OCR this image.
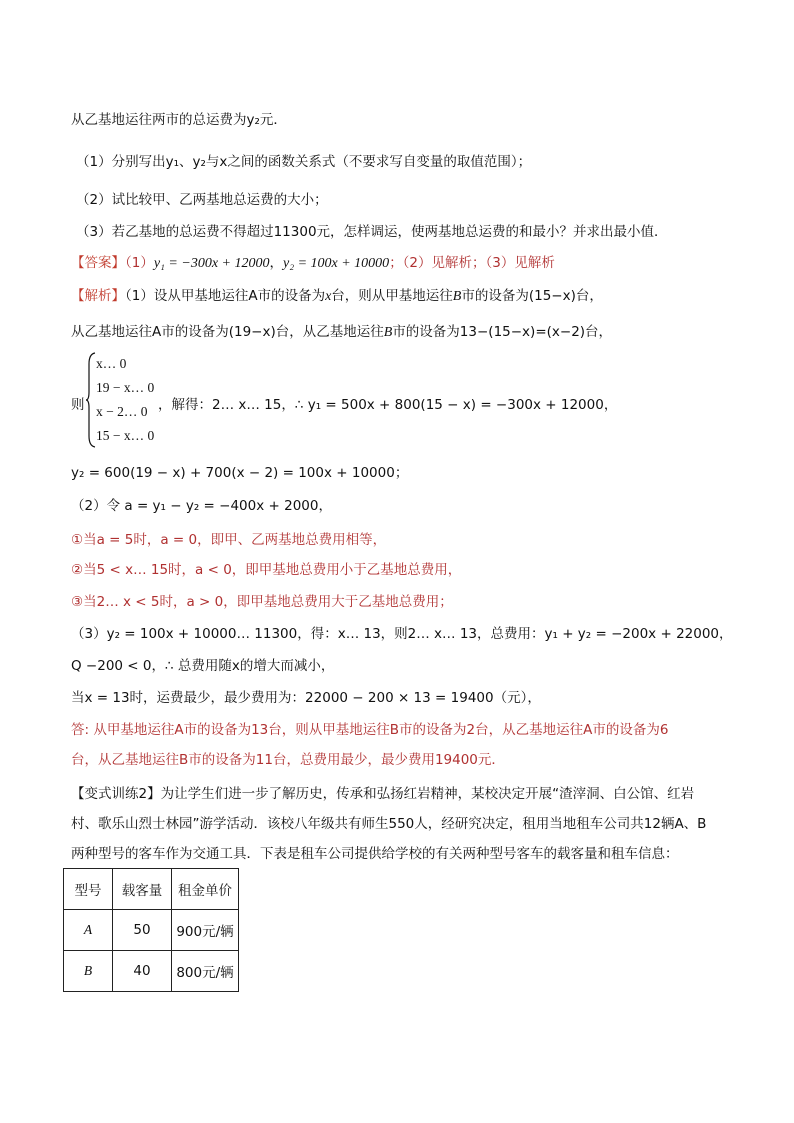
从乙基地运往两市的总运费为y₂元．
（1）分别写出y₁、y₂与x之间的函数关系式（不要求写自变量的取值范围）；
（2）试比较甲、乙两基地总运费的大小；
（3）若乙基地的总运费不得超过11300元，怎样调运，使两基地总运费的和最小？并求出最小值．
【答案】（1）y₁ = −300x + 12000，y₂ = 100x + 10000；（2）见解析；（3）见解析
【解析】（1）设从甲基地运往A市的设备为x台，则从甲基地运往B市的设备为(15−x)台，
从乙基地运往A市的设备为(19−x)台，从乙基地运往B市的设备为13−(15−x)=(x−2)台，
则
x… 0
19 − x… 0
x − 2… 0
15 − x… 0
，解得：2… x… 15，∴ y₁ = 500x + 800(15 − x) = −300x + 12000，
y₂ = 600(19 − x) + 700(x − 2) = 100x + 10000；
（2）令 a = y₁ − y₂ = −400x + 2000，
①当a = 5时，a = 0，即甲、乙两基地总费用相等，
②当5 < x… 15时，a < 0，即甲基地总费用小于乙基地总费用，
③当2… x < 5时，a > 0，即甲基地总费用大于乙基地总费用；
（3）y₂ = 100x + 10000… 11300，得：x… 13，则2… x… 13，总费用：y₁ + y₂ = −200x + 22000，
Q −200 < 0，∴ 总费用随x的增大而减小，
当x = 13时，运费最少，最少费用为：22000 − 200 × 13 = 19400（元），
答: 从甲基地运往A市的设备为13台，则从甲基地运往B市的设备为2台，从乙基地运往A市的设备为6
台，从乙基地运往B市的设备为11台，总费用最少，最少费用19400元．
【变式训练2】为让学生们进一步了解历史，传承和弘扬红岩精神，某校决定开展“渣滓洞、白公馆、红岩
村、歌乐山烈士林园”游学活动．该校八年级共有师生550人，经研究决定，租用当地租车公司共12辆A、B
两种型号的客车作为交通工具．下表是租车公司提供给学校的有关两种型号客车的载客量和租车信息：
型号	载客量	租金单价
A	50	900元/辆
B	40	800元/辆
